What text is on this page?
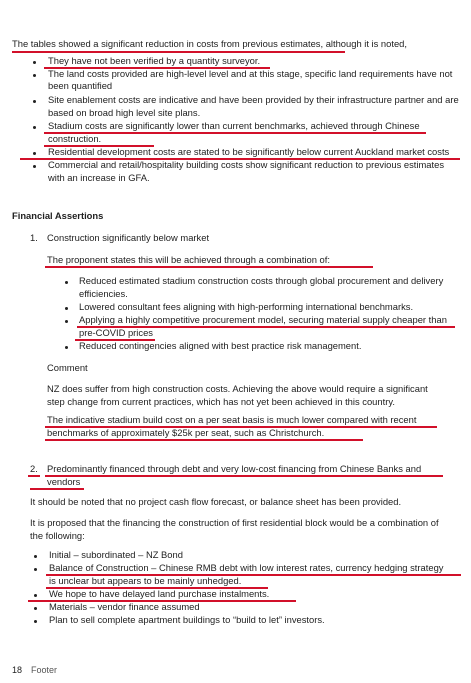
The tables showed a significant reduction in costs from previous estimates, although it is noted,
They have not been verified by a quantity surveyor.
The land costs provided are high-level level and at this stage, specific land requirements have not
been quantified
Site enablement costs are indicative and have been provided by their infrastructure partner and are
based on broad high level site plans.
Stadium costs are significantly lower than current benchmarks, achieved through Chinese
construction.
Residential development costs are stated to be significantly below current Auckland market costs
Commercial and retail/hospitality building costs show significant reduction to previous estimates
with an increase in GFA.
Financial Assertions
1. Construction significantly below market
The proponent states this will be achieved through a combination of:
Reduced estimated stadium construction costs through global procurement and delivery
efficiencies.
Lowered consultant fees aligning with high-performing international benchmarks.
Applying a highly competitive procurement model, securing material supply cheaper than
pre-COVID prices
Reduced contingencies aligned with best practice risk management.
Comment
NZ does suffer from high construction costs. Achieving the above would require a significant
step change from current practices, which has not yet been achieved in this country.
The indicative stadium build cost on a per seat basis is much lower compared with recent
benchmarks of approximately $25k per seat, such as Christchurch.
2. Predominantly financed through debt and very low-cost financing from Chinese Banks and
vendors
It should be noted that no project cash flow forecast, or balance sheet has been provided.
It is proposed that the financing the construction of first residential block would be a combination of
the following:
Initial – subordinated – NZ Bond
Balance of Construction – Chinese RMB debt with low interest rates, currency hedging strategy
is unclear but appears to be mainly unhedged.
We hope to have delayed land purchase instalments.
Materials – vendor finance assumed
Plan to sell complete apartment buildings to “build to let” investors.
18 Footer
